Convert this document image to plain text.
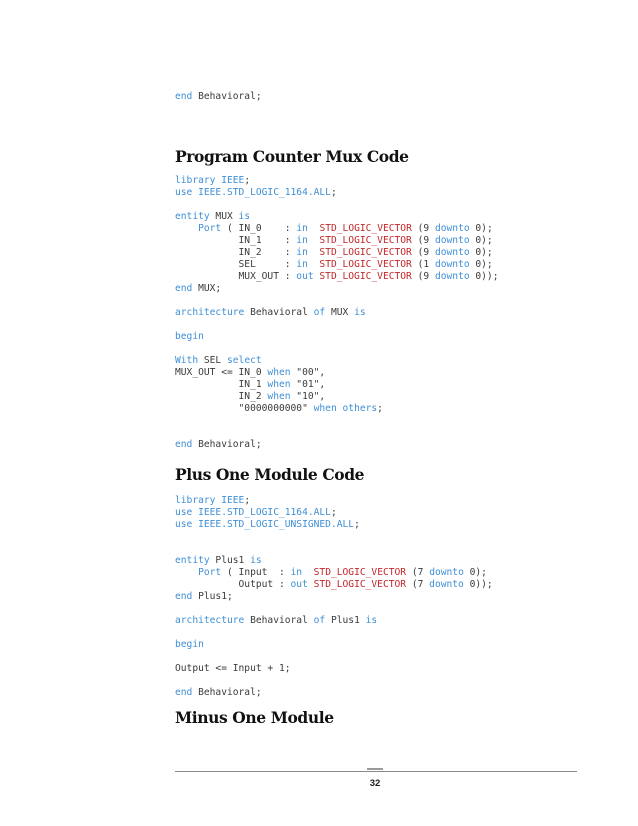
end Behavioral;
Program Counter Mux Code
library IEEE;
use IEEE.STD_LOGIC_1164.ALL;
entity MUX is
Port ( IN_0    : in STD_LOGIC_VECTOR (9 downto 0);
IN_1    : in STD_LOGIC_VECTOR (9 downto 0);
IN_2    : in STD_LOGIC_VECTOR (9 downto 0);
SEL     : in STD_LOGIC_VECTOR (1 downto 0);
MUX_OUT : out STD_LOGIC_VECTOR (9 downto 0));
end MUX;
architecture Behavioral of MUX is
begin
With SEL select
MUX_OUT <= IN_0 when "00",
IN_1 when "01",
IN_2 when "10",
"0000000000" when others;
end Behavioral;
Plus One Module Code
library IEEE;
use IEEE.STD_LOGIC_1164.ALL;
use IEEE.STD_LOGIC_UNSIGNED.ALL;
entity Plus1 is
Port ( Input  : in STD_LOGIC_VECTOR (7 downto 0);
Output : out STD_LOGIC_VECTOR (7 downto 0));
end Plus1;
architecture Behavioral of Plus1 is
begin
Output <= Input + 1;
end Behavioral;
Minus One Module
32
